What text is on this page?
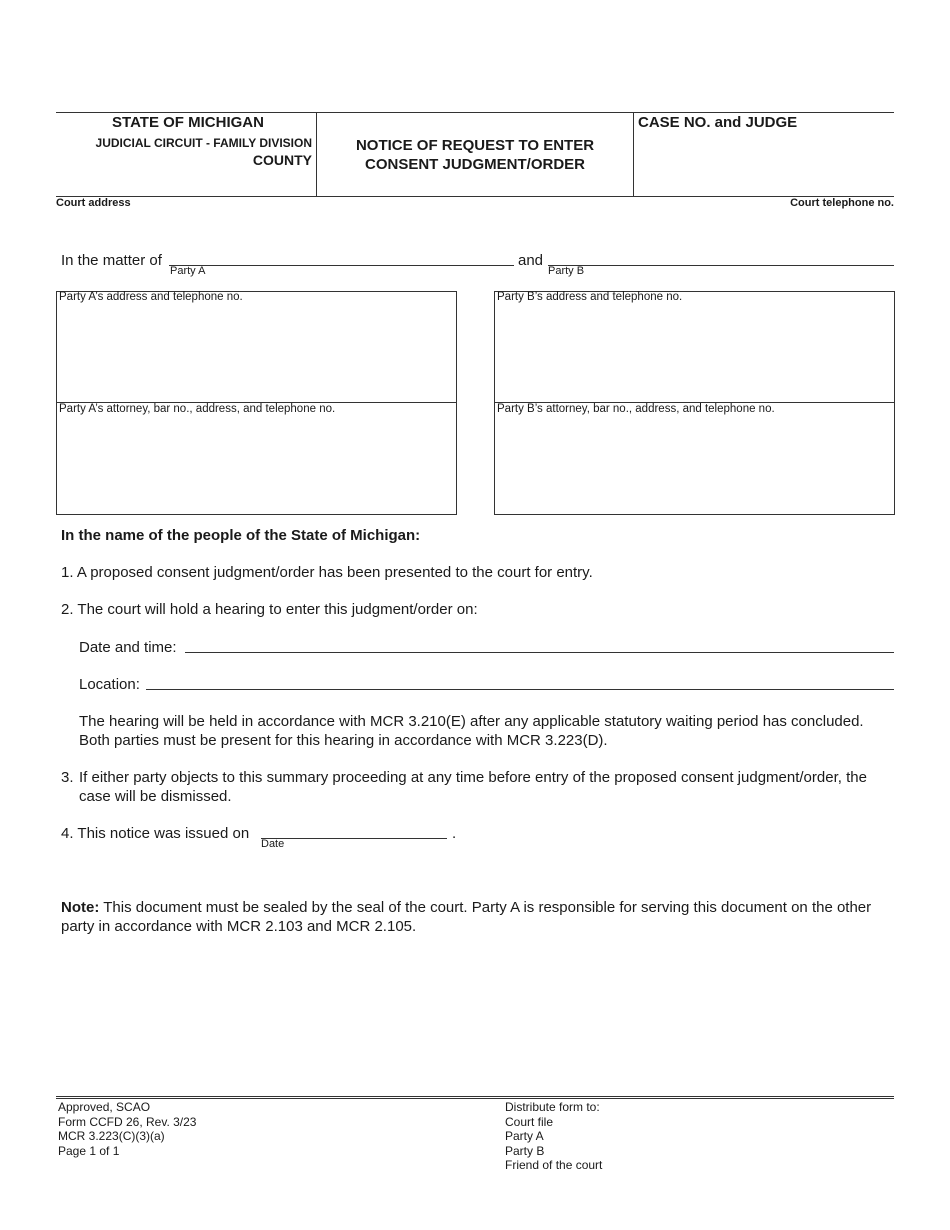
STATE OF MICHIGAN
JUDICIAL CIRCUIT - FAMILY DIVISION
COUNTY
NOTICE OF REQUEST TO ENTER
CONSENT JUDGMENT/ORDER
CASE NO. and JUDGE
Court address	Court telephone no.
In the matter of
Party A
and
Party B
Party A’s address and telephone no.
Party A’s attorney, bar no., address, and telephone no.
Party B’s address and telephone no.
Party B’s attorney, bar no., address, and telephone no.
In the name of the people of the State of Michigan:
1. A proposed consent judgment/order has been presented to the court for entry.
2. The court will hold a hearing to enter this judgment/order on:
Date and time:
Location:
The hearing will be held in accordance with MCR 3.210(E) after any applicable statutory waiting period has concluded.
Both parties must be present for this hearing in accordance with MCR 3.223(D).
3. If either party objects to this summary proceeding at any time before entry of the proposed consent judgment/order, the
case will be dismissed.
4. This notice was issued on	.
Date
Note: This document must be sealed by the seal of the court. Party A is responsible for serving this document on the other
party in accordance with MCR 2.103 and MCR 2.105.
Approved, SCAO
Form CCFD 26, Rev. 3/23
MCR 3.223(C)(3)(a)
Page 1 of 1
Distribute form to:
Court file
Party A
Party B
Friend of the court
